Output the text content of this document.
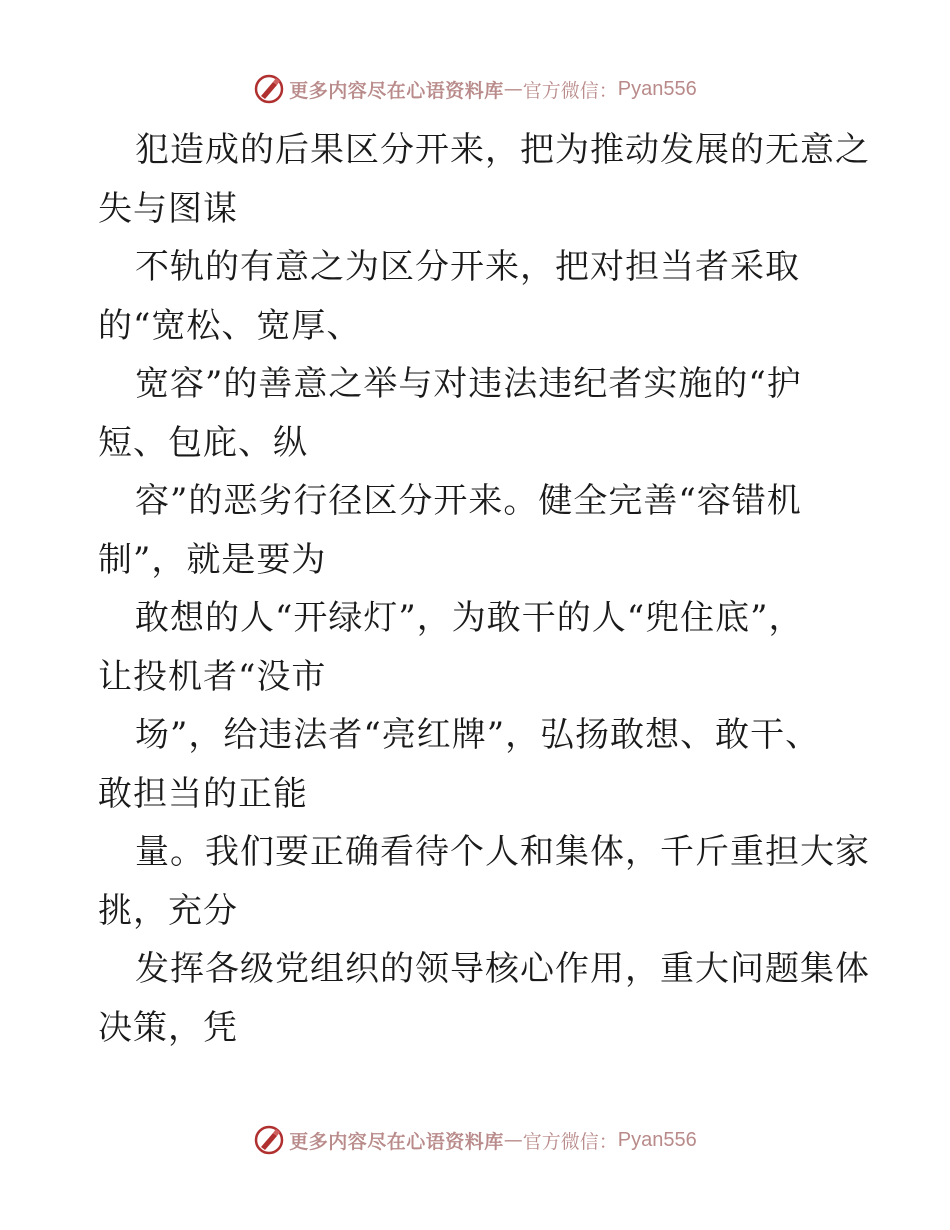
更多内容尽在心语资料库 — 官方微信： Pyan556
犯造成的后果区分开来，把为推动发展的无意之
失与图谋
不轨的有意之为区分开来，把对担当者采取
的“宽松、宽厚、
宽容”的善意之举与对违法违纪者实施的“护
短、包庇、纵
容”的恶劣行径区分开来。健全完善“容错机
制”，就是要为
敢想的人“开绿灯”，为敢干的人“兜住底”，
让投机者“没市
场”，给违法者“亮红牌”，弘扬敢想、敢干、
敢担当的正能
量。我们要正确看待个人和集体，千斤重担大家
挑，充分
发挥各级党组织的领导核心作用，重大问题集体
决策，凭
更多内容尽在心语资料库 — 官方微信： Pyan556
